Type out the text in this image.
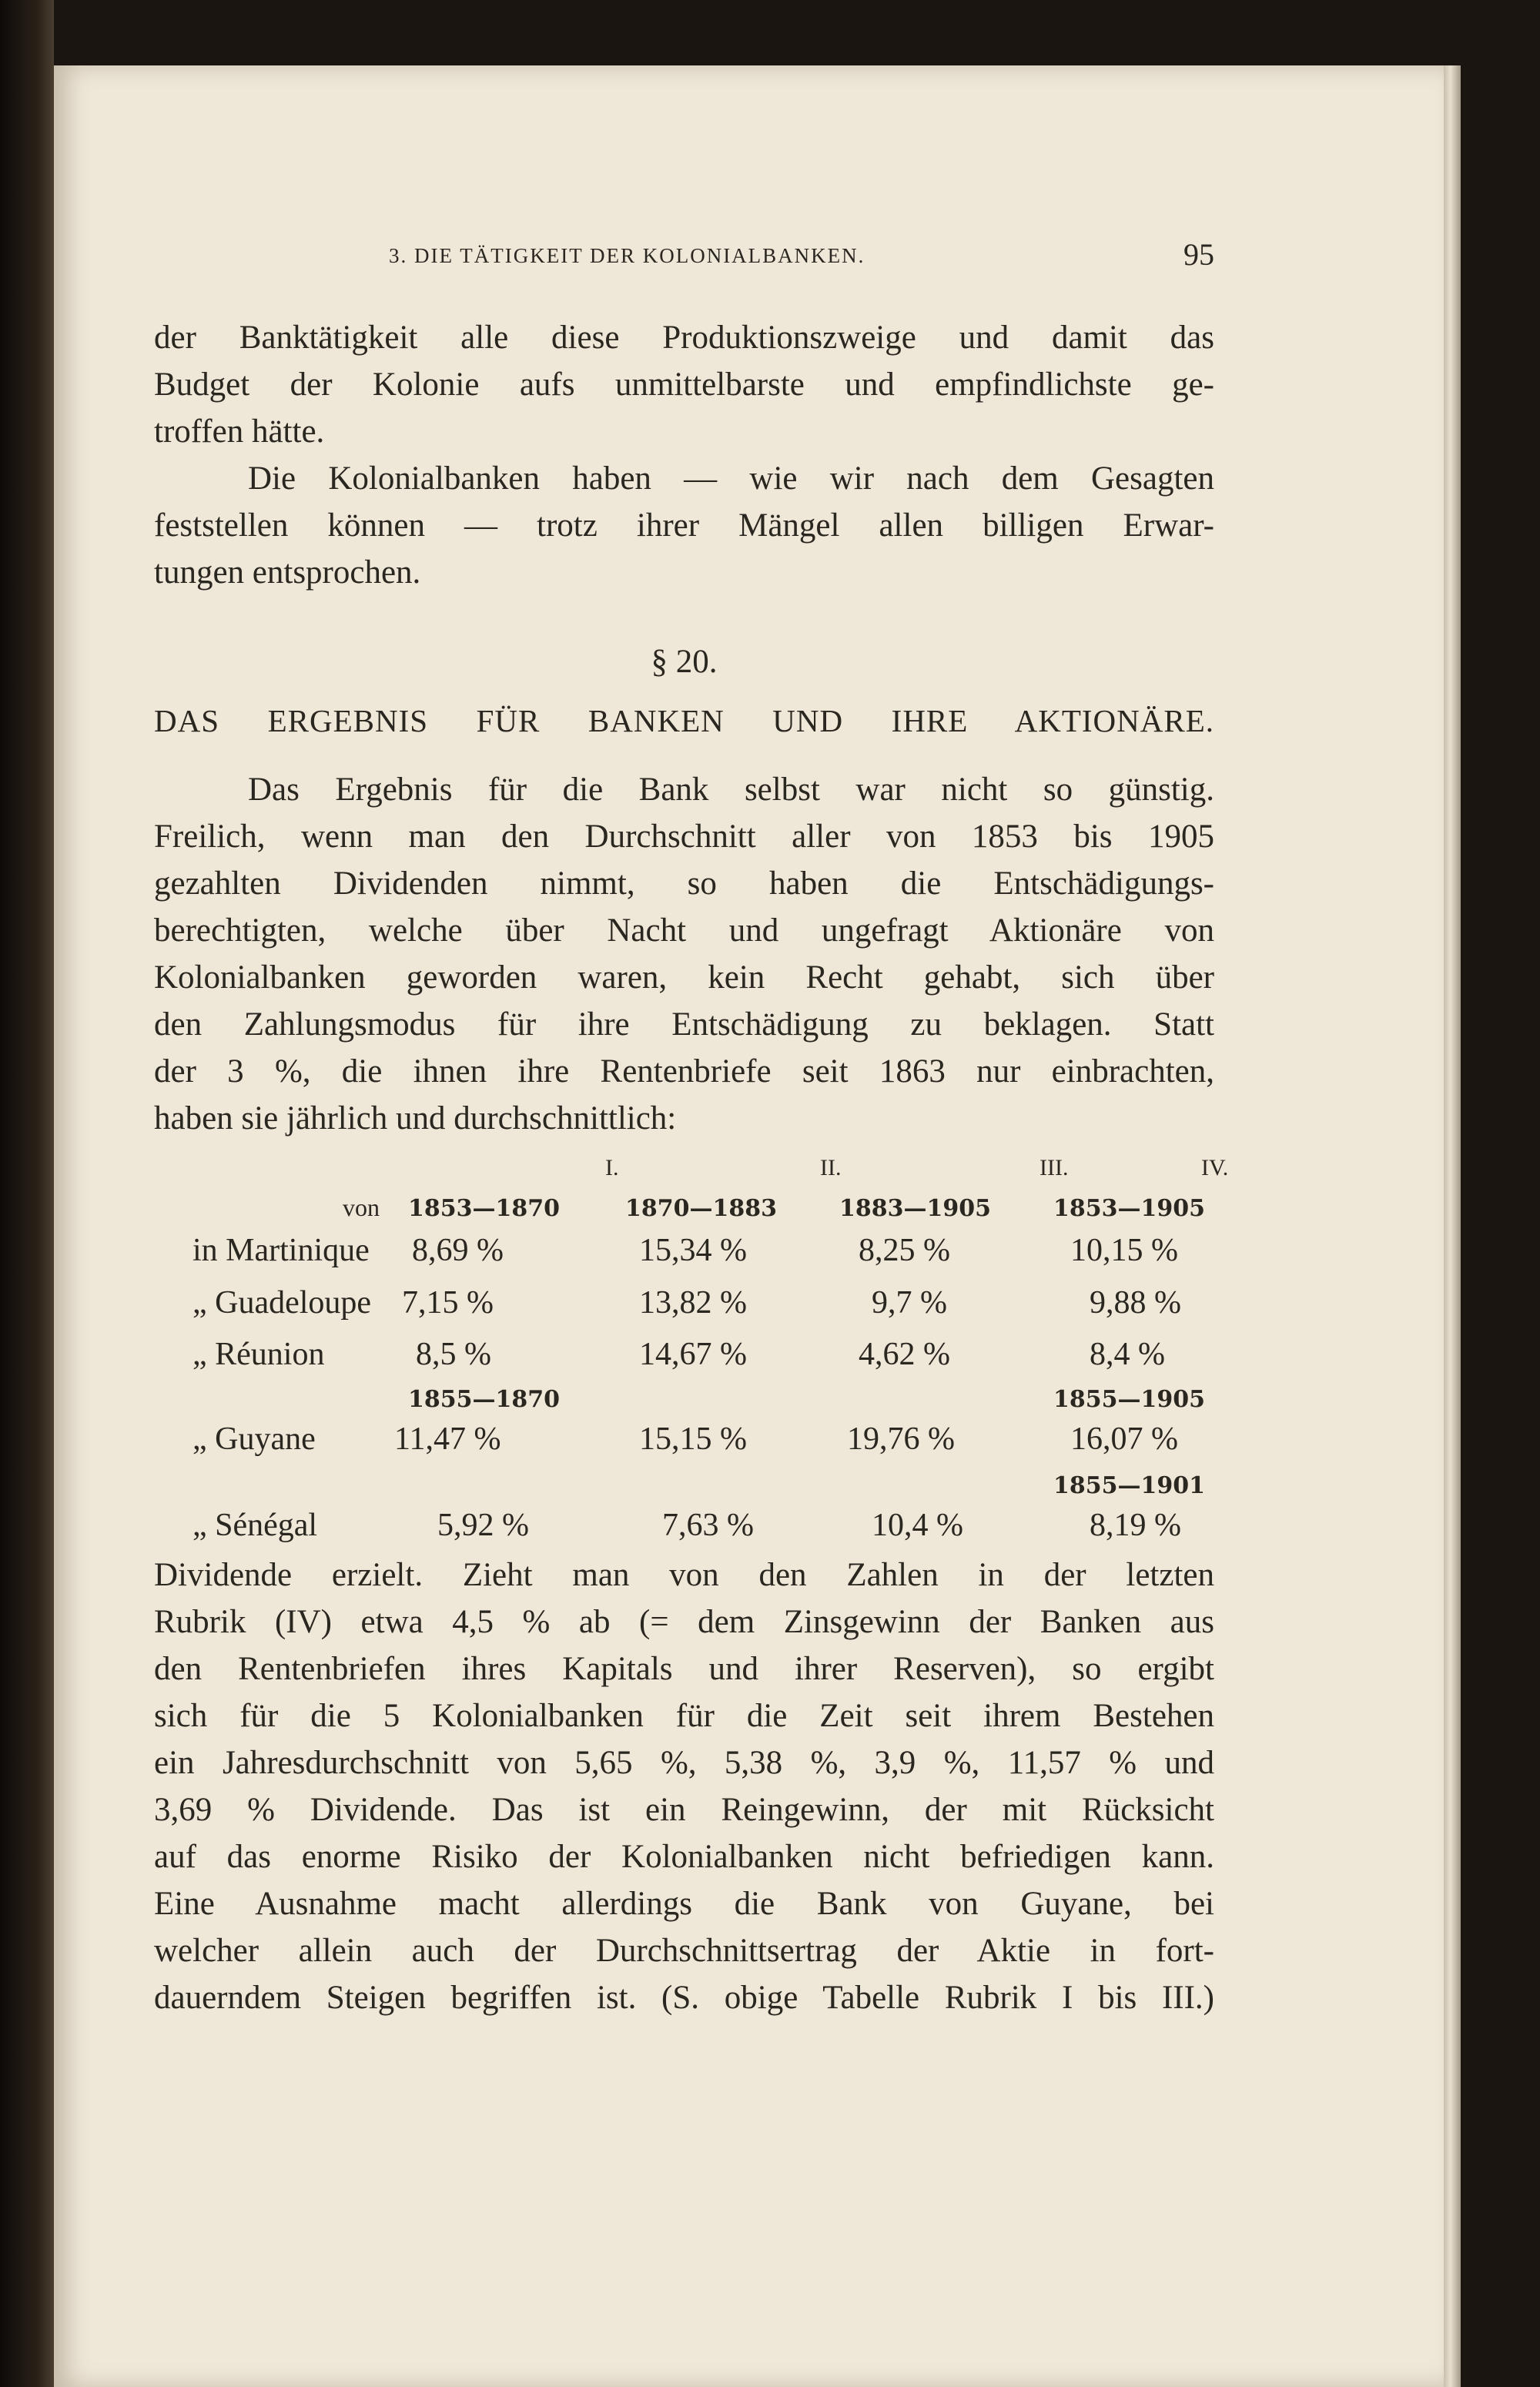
3. DIE TÄTIGKEIT DER KOLONIALBANKEN.	95
der Banktätigkeit alle diese Produktionszweige und damit das
Budget der Kolonie aufs unmittelbarste und empfindlichste ge-
troffen hätte.
Die Kolonialbanken haben — wie wir nach dem Gesagten
feststellen können — trotz ihrer Mängel allen billigen Erwar-
tungen entsprochen.
§ 20.
DAS ERGEBNIS FÜR BANKEN UND IHRE AKTIONÄRE.
Das Ergebnis für die Bank selbst war nicht so günstig.
Freilich, wenn man den Durchschnitt aller von 1853 bis 1905
gezahlten Dividenden nimmt, so haben die Entschädigungs-
berechtigten, welche über Nacht und ungefragt Aktionäre von
Kolonialbanken geworden waren, kein Recht gehabt, sich über
den Zahlungsmodus für ihre Entschädigung zu beklagen. Statt
der 3 %, die ihnen ihre Rentenbriefe seit 1863 nur einbrachten,
haben sie jährlich und durchschnittlich:
I.	II.	III.	IV.
von 1853—1870	1870—1883	1883—1905	1853—1905
in Martinique 8,69 %	15,34 %	8,25 %	10,15 %
„ Guadeloupe 7,15 %	13,82 %	9,7 %	9,88 %
„ Réunion	8,5 %	14,67 %	4,62 %	8,4 %
1855—1870	1855—1905
„ Guyane 11,47 %	15,15 %	19,76 %	16,07 %
1855—1901
„ Sénégal	5,92 %	7,63 %	10,4 %	8,19 %
Dividende erzielt. Zieht man von den Zahlen in der letzten
Rubrik (IV) etwa 4,5 % ab (= dem Zinsgewinn der Banken aus
den Rentenbriefen ihres Kapitals und ihrer Reserven), so ergibt
sich für die 5 Kolonialbanken für die Zeit seit ihrem Bestehen
ein Jahresdurchschnitt von 5,65 %, 5,38 %, 3,9 %, 11,57 % und
3,69 % Dividende. Das ist ein Reingewinn, der mit Rücksicht
auf das enorme Risiko der Kolonialbanken nicht befriedigen kann.
Eine Ausnahme macht allerdings die Bank von Guyane, bei
welcher allein auch der Durchschnittsertrag der Aktie in fort-
dauerndem Steigen begriffen ist. (S. obige Tabelle Rubrik I bis III.)
